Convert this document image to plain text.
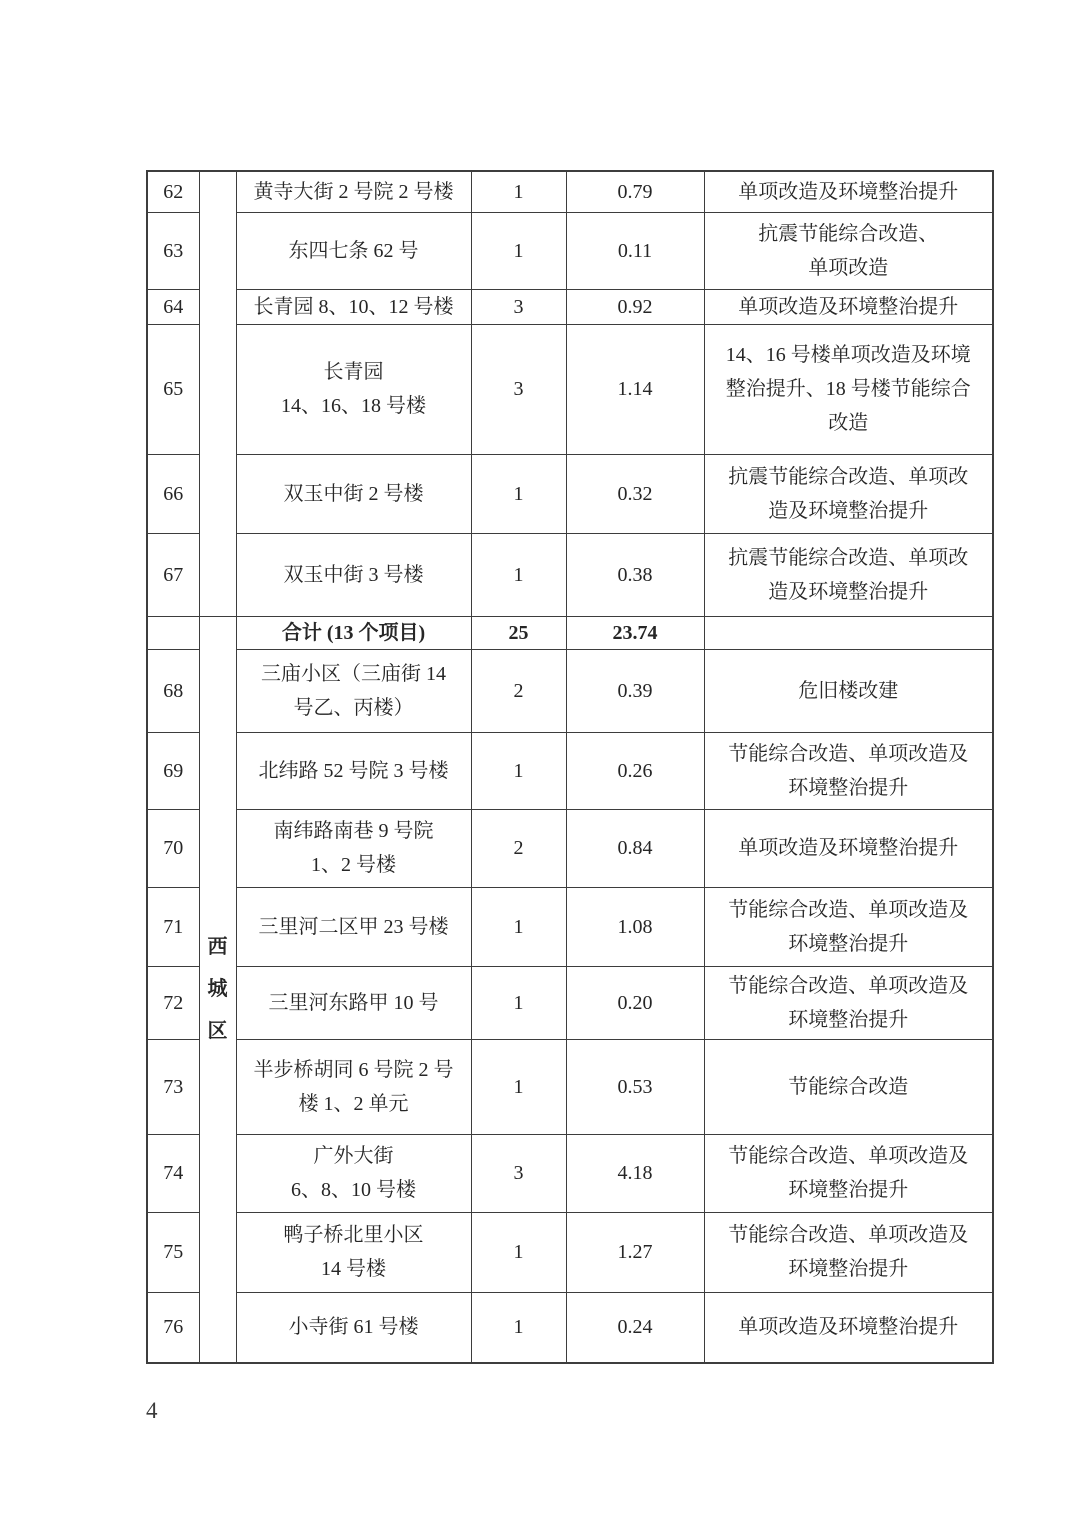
62		黄寺大街 2 号院 2 号楼	1	0.79	单项改造及环境整治提升
63		东四七条 62 号	1	0.11	抗震节能综合改造、
单项改造
64		长青园 8、10、12 号楼	3	0.92	单项改造及环境整治提升
65		长青园
14、16、18 号楼	3	1.14	14、16 号楼单项改造及环境
整治提升、18 号楼节能综合
改造
66		双玉中街 2 号楼	1	0.32	抗震节能综合改造、单项改
造及环境整治提升
67		双玉中街 3 号楼	1	0.38	抗震节能综合改造、单项改
造及环境整治提升

	西城区	合计 (13 个项目)	25	23.74	
68		三庙小区（三庙街 14
号乙、丙楼）	2	0.39	危旧楼改建
69		北纬路 52 号院 3 号楼	1	0.26	节能综合改造、单项改造及
环境整治提升
70		南纬路南巷 9 号院
1、2 号楼	2	0.84	单项改造及环境整治提升
71		三里河二区甲 23 号楼	1	1.08	节能综合改造、单项改造及
环境整治提升
72		三里河东路甲 10 号	1	0.20	节能综合改造、单项改造及
环境整治提升
73		半步桥胡同 6 号院 2 号
楼 1、2 单元	1	0.53	节能综合改造
74		广外大街
6、8、10 号楼	3	4.18	节能综合改造、单项改造及
环境整治提升
75		鸭子桥北里小区
14 号楼	1	1.27	节能综合改造、单项改造及
环境整治提升
76		小寺街 61 号楼	1	0.24	单项改造及环境整治提升
4
